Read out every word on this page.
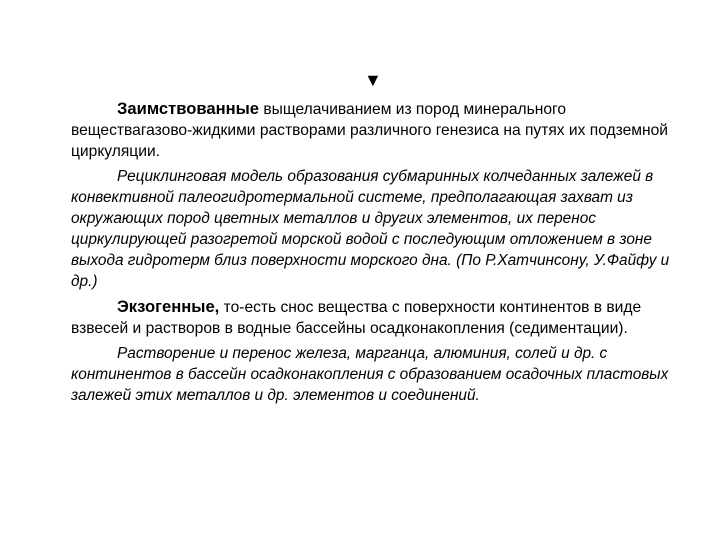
▼

Заимствованные выщелачиванием из пород минерального веществагазово-жидкими растворами различного генезиса на путях их подземной циркуляции.

Рециклинговая модель образования субмаринных колчеданных залежей в конвективной палеогидротермальной системе, предполагающая захват из окружающих пород цветных металлов и других элементов, их перенос циркулирующей разогретой морской водой с последующим отложением в зоне выхода гидротерм близ поверхности морского дна. (По Р.Хатчинсону, У.Файфу и др.)

Экзогенные, то-есть снос вещества с поверхности континентов в виде взвесей и растворов в водные бассейны осадконакопления (седиментации).

Растворение и перенос железа, марганца, алюминия, солей и др. с континентов в бассейн осадконакопления с образованием осадочных пластовых залежей этих металлов и др. элементов и соединений.
